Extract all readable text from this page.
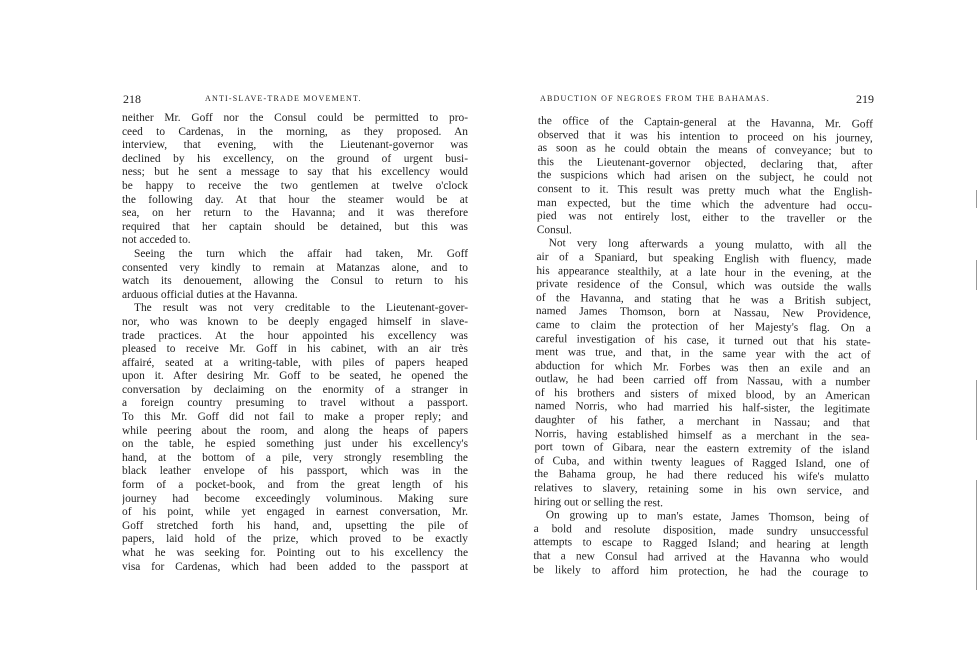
218	ANTI-SLAVE-TRADE MOVEMENT.
neither Mr. Goff nor the Consul could be permitted to pro-
ceed to Cardenas, in the morning, as they proposed. An
interview, that evening, with the Lieutenant-governor was
declined by his excellency, on the ground of urgent busi-
ness; but he sent a message to say that his excellency would
be happy to receive the two gentlemen at twelve o'clock
the following day. At that hour the steamer would be at
sea, on her return to the Havanna; and it was therefore
required that her captain should be detained, but this was
not acceded to.
Seeing the turn which the affair had taken, Mr. Goff
consented very kindly to remain at Matanzas alone, and to
watch its denouement, allowing the Consul to return to his
arduous official duties at the Havanna.
The result was not very creditable to the Lieutenant-gover-
nor, who was known to be deeply engaged himself in slave-
trade practices. At the hour appointed his excellency was
pleased to receive Mr. Goff in his cabinet, with an air très
affairé, seated at a writing-table, with piles of papers heaped
upon it. After desiring Mr. Goff to be seated, he opened the
conversation by declaiming on the enormity of a stranger in
a foreign country presuming to travel without a passport.
To this Mr. Goff did not fail to make a proper reply; and
while peering about the room, and along the heaps of papers
on the table, he espied something just under his excellency's
hand, at the bottom of a pile, very strongly resembling the
black leather envelope of his passport, which was in the
form of a pocket-book, and from the great length of his
journey had become exceedingly voluminous. Making sure
of his point, while yet engaged in earnest conversation, Mr.
Goff stretched forth his hand, and, upsetting the pile of
papers, laid hold of the prize, which proved to be exactly
what he was seeking for. Pointing out to his excellency the
visa for Cardenas, which had been added to the passport at
ABDUCTION OF NEGROES FROM THE BAHAMAS.	219
the office of the Captain-general at the Havanna, Mr. Goff
observed that it was his intention to proceed on his journey,
as soon as he could obtain the means of conveyance; but to
this the Lieutenant-governor objected, declaring that, after
the suspicions which had arisen on the subject, he could not
consent to it. This result was pretty much what the English-
man expected, but the time which the adventure had occu-
pied was not entirely lost, either to the traveller or the
Consul.
Not very long afterwards a young mulatto, with all the
air of a Spaniard, but speaking English with fluency, made
his appearance stealthily, at a late hour in the evening, at the
private residence of the Consul, which was outside the walls
of the Havanna, and stating that he was a British subject,
named James Thomson, born at Nassau, New Providence,
came to claim the protection of her Majesty's flag. On a
careful investigation of his case, it turned out that his state-
ment was true, and that, in the same year with the act of
abduction for which Mr. Forbes was then an exile and an
outlaw, he had been carried off from Nassau, with a number
of his brothers and sisters of mixed blood, by an American
named Norris, who had married his half-sister, the legitimate
daughter of his father, a merchant in Nassau; and that
Norris, having established himself as a merchant in the sea-
port town of Gibara, near the eastern extremity of the island
of Cuba, and within twenty leagues of Ragged Island, one of
the Bahama group, he had there reduced his wife's mulatto
relatives to slavery, retaining some in his own service, and
hiring out or selling the rest.
On growing up to man's estate, James Thomson, being of
a bold and resolute disposition, made sundry unsuccessful
attempts to escape to Ragged Island; and hearing at length
that a new Consul had arrived at the Havanna who would
be likely to afford him protection, he had the courage to
